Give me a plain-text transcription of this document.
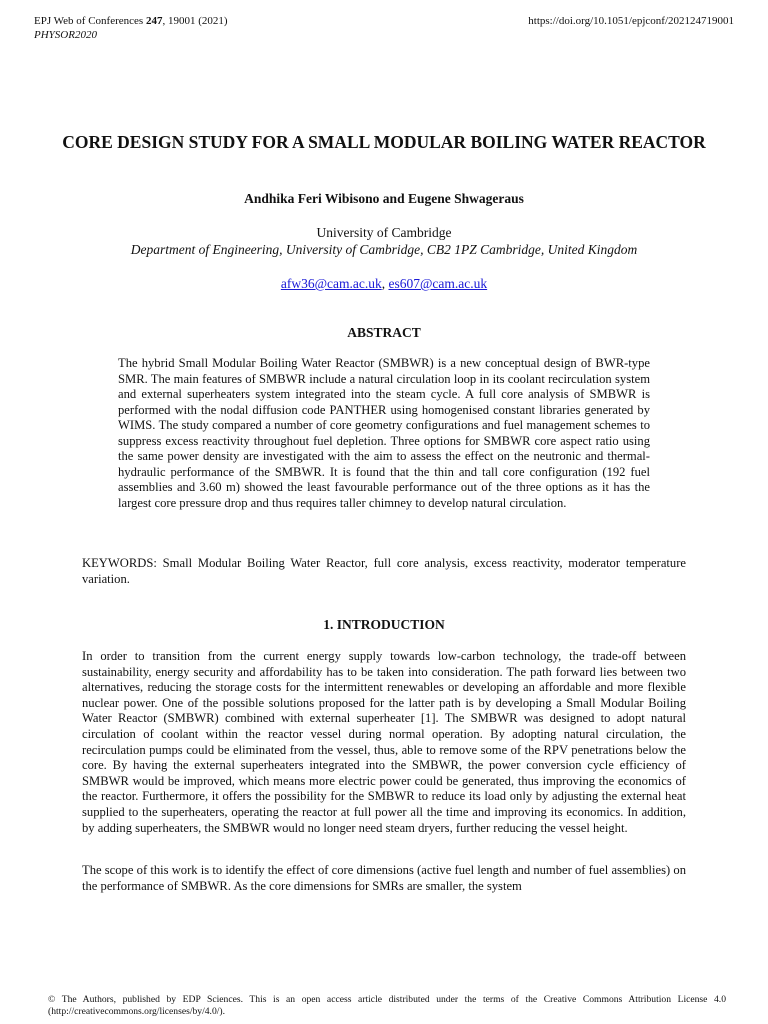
EPJ Web of Conferences 247, 19001 (2021)
PHYSOR2020
https://doi.org/10.1051/epjconf/202124719001
CORE DESIGN STUDY FOR A SMALL MODULAR BOILING WATER REACTOR
Andhika Feri Wibisono and Eugene Shwageraus
University of Cambridge
Department of Engineering, University of Cambridge, CB2 1PZ Cambridge, United Kingdom
afw36@cam.ac.uk, es607@cam.ac.uk
ABSTRACT
The hybrid Small Modular Boiling Water Reactor (SMBWR) is a new conceptual design of BWR-type SMR. The main features of SMBWR include a natural circulation loop in its coolant recirculation system and external superheaters system integrated into the steam cycle. A full core analysis of SMBWR is performed with the nodal diffusion code PANTHER using homogenised constant libraries generated by WIMS. The study compared a number of core geometry configurations and fuel management schemes to suppress excess reactivity throughout fuel depletion. Three options for SMBWR core aspect ratio using the same power density are investigated with the aim to assess the effect on the neutronic and thermal-hydraulic performance of the SMBWR. It is found that the thin and tall core configuration (192 fuel assemblies and 3.60 m) showed the least favourable performance out of the three options as it has the largest core pressure drop and thus requires taller chimney to develop natural circulation.
KEYWORDS: Small Modular Boiling Water Reactor, full core analysis, excess reactivity, moderator temperature variation.
1. INTRODUCTION
In order to transition from the current energy supply towards low-carbon technology, the trade-off between sustainability, energy security and affordability has to be taken into consideration. The path forward lies between two alternatives, reducing the storage costs for the intermittent renewables or developing an affordable and more flexible nuclear power. One of the possible solutions proposed for the latter path is by developing a Small Modular Boiling Water Reactor (SMBWR) combined with external superheater [1]. The SMBWR was designed to adopt natural circulation of coolant within the reactor vessel during normal operation. By adopting natural circulation, the recirculation pumps could be eliminated from the vessel, thus, able to remove some of the RPV penetrations below the core. By having the external superheaters integrated into the SMBWR, the power conversion cycle efficiency of SMBWR would be improved, which means more electric power could be generated, thus improving the economics of the reactor. Furthermore, it offers the possibility for the SMBWR to reduce its load only by adjusting the external heat supplied to the superheaters, operating the reactor at full power all the time and improving its economics. In addition, by adding superheaters, the SMBWR would no longer need steam dryers, further reducing the vessel height.
The scope of this work is to identify the effect of core dimensions (active fuel length and number of fuel assemblies) on the performance of SMBWR. As the core dimensions for SMRs are smaller, the system
© The Authors, published by EDP Sciences. This is an open access article distributed under the terms of the Creative Commons Attribution License 4.0 (http://creativecommons.org/licenses/by/4.0/).
